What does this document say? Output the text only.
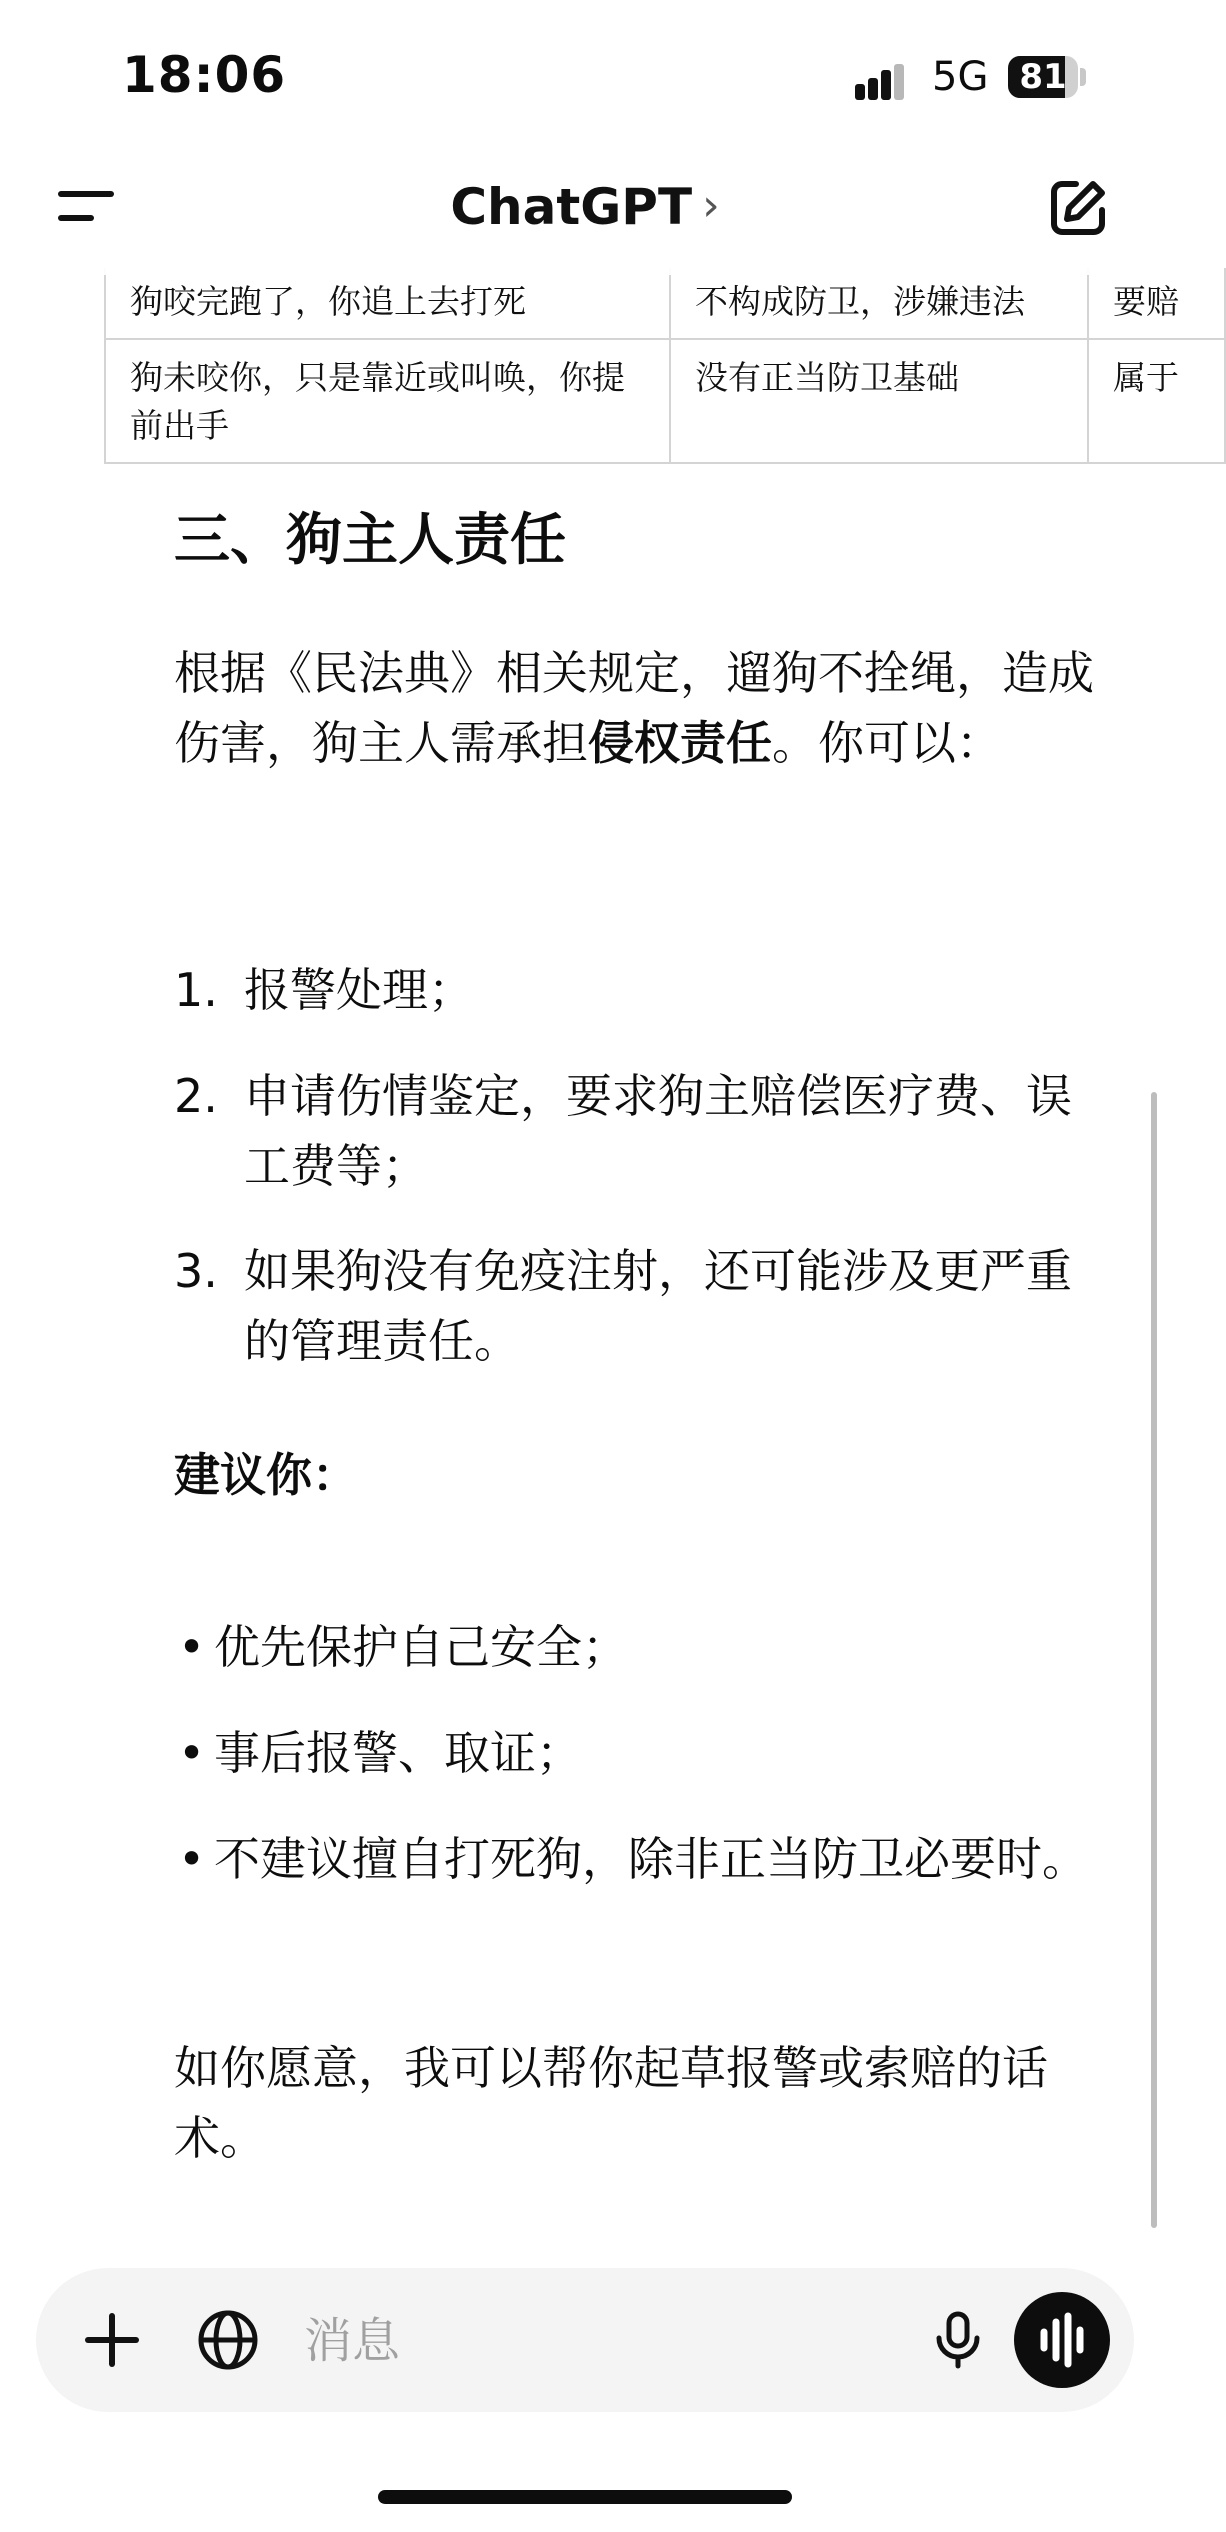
狗咬完跑了，你追上去打死	不构成防卫，涉嫌违法	要赔
狗未咬你，只是靠近或叫唤，你提前出手	没有正当防卫基础	属于
三、狗主人责任

根据《民法典》相关规定，遛狗不拴绳，造成伤害，狗主人需承担侵权责任。你可以：

1. 报警处理；
2. 申请伤情鉴定，要求狗主赔偿医疗费、误工费等；
3. 如果狗没有免疫注射，还可能涉及更严重的管理责任。
建议你：
• 优先保护自己安全；
• 事后报警、取证；
• 不建议擅自打死狗，除非正当防卫必要时。

如你愿意，我可以帮你起草报警或索赔的话术。

18:06	5G 81
ChatGPT ›
消息
